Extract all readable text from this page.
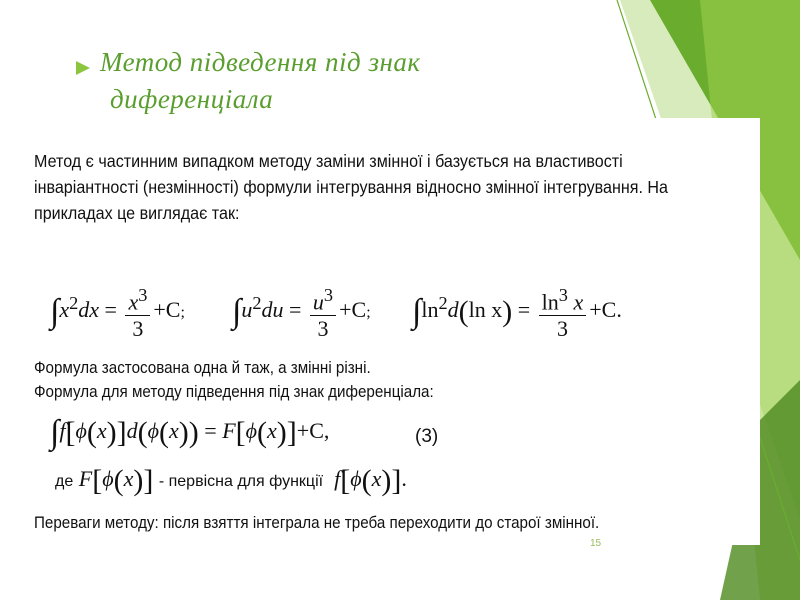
Метод підведення під знак
диференціала

Метод є частинним випадком методу заміни змінної і базується на властивості інваріантності (незмінності) формули інтегрування відносно змінної інтегрування. На прикладах це виглядає так:

$\int x^2dx = \frac{x^3}{3} +C$; $\int u^2du = \frac{u^3}{3} +C$; $\int\ln^2d(\ln$ $x) = \frac{\ln^3 x}{3} +C$.

Формула застосована одна й таж, а змінні різні.

Формула для методу підведення під знак диференціала:

∫f[ϕ(x)]d(ϕ(x)) = F[ϕ(x)]+C,	(3)
де F[ϕ(x)] - первісна для функції f[ϕ(x)].

Переваги методу: після взяття інтеграла не треба переходити до старої змінної.

15
